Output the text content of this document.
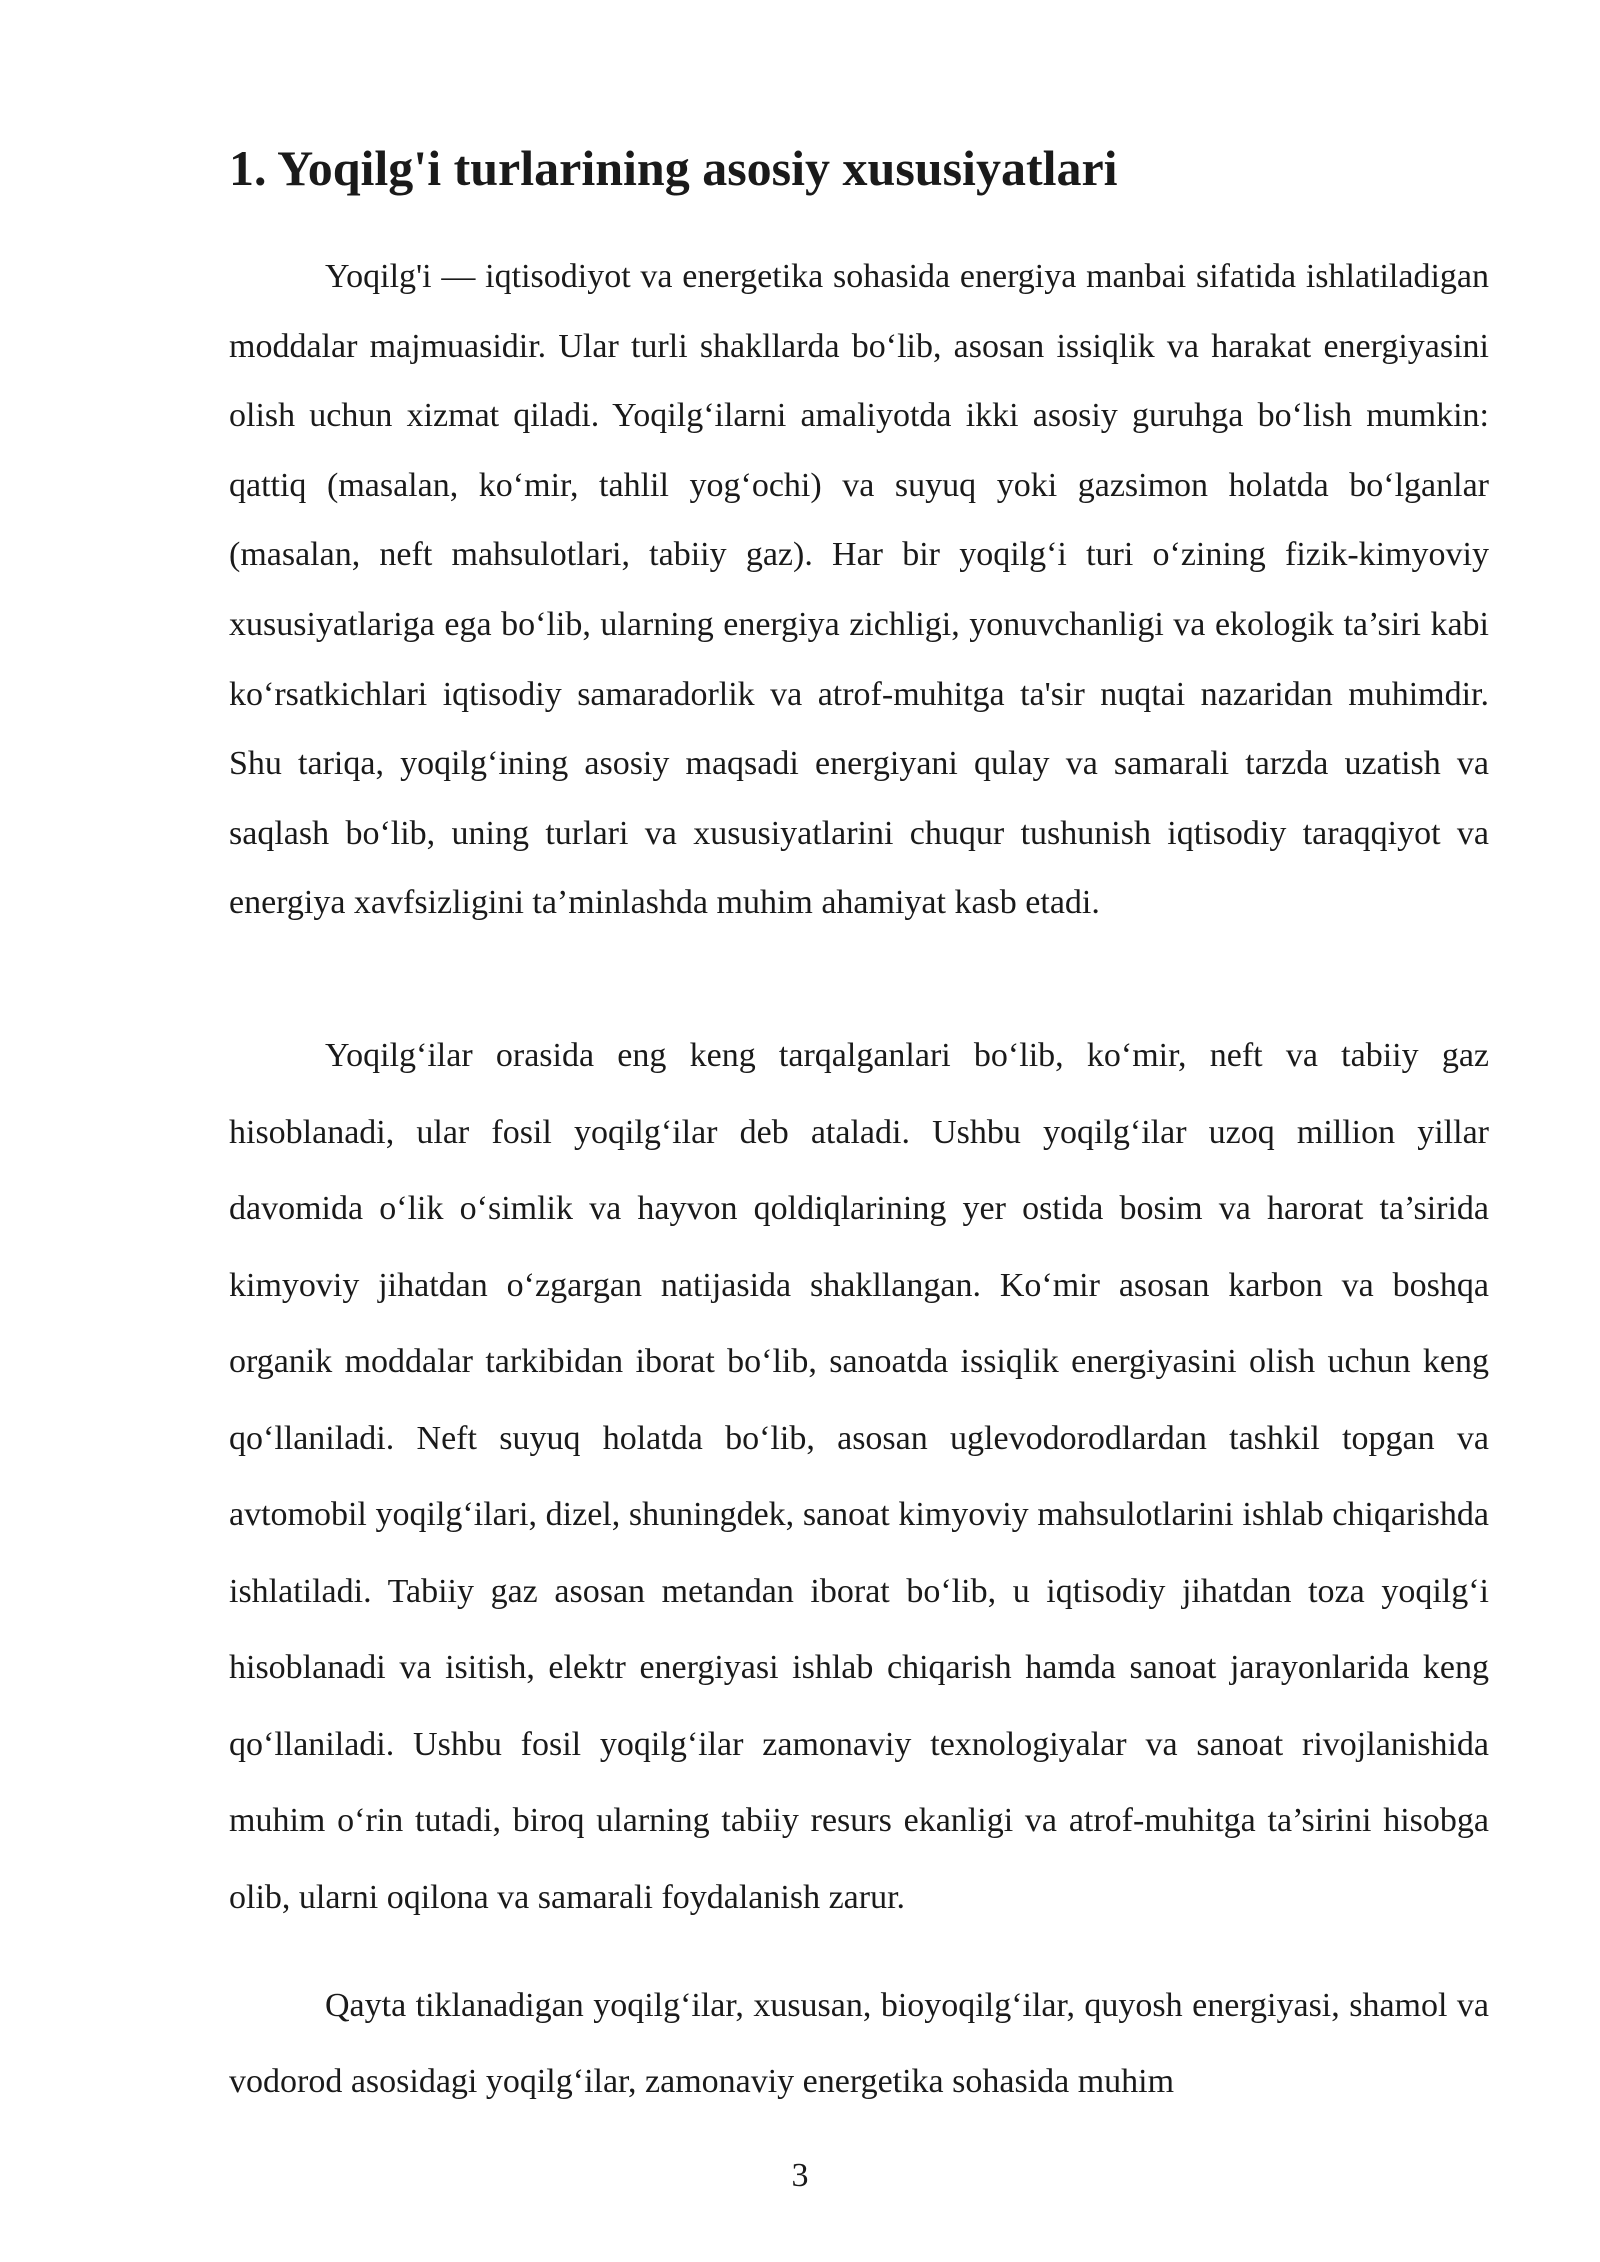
1. Yoqilg'i turlarining asosiy xususiyatlari

Yoqilg'i — iqtisodiyot va energetika sohasida energiya manbai sifatida ishlatiladigan moddalar majmuasidir. Ular turli shakllarda bo‘lib, asosan issiqlik va harakat energiyasini olish uchun xizmat qiladi. Yoqilg‘ilarni amaliyotda ikki asosiy guruhga bo‘lish mumkin: qattiq (masalan, ko‘mir, tahlil yog‘ochi) va suyuq yoki gazsimon holatda bo‘lganlar (masalan, neft mahsulotlari, tabiiy gaz). Har bir yoqilg‘i turi o‘zining fizik-kimyoviy xususiyatlariga ega bo‘lib, ularning energiya zichligi, yonuvchanligi va ekologik ta’siri kabi ko‘rsatkichlari iqtisodiy samaradorlik va atrof-muhitga ta'sir nuqtai nazaridan muhimdir. Shu tariqa, yoqilg‘ining asosiy maqsadi energiyani qulay va samarali tarzda uzatish va saqlash bo‘lib, uning turlari va xususiyatlarini chuqur tushunish iqtisodiy taraqqiyot va energiya xavfsizligini ta’minlashda muhim ahamiyat kasb etadi.

Yoqilg‘ilar orasida eng keng tarqalganlari bo‘lib, ko‘mir, neft va tabiiy gaz hisoblanadi, ular fosil yoqilg‘ilar deb ataladi. Ushbu yoqilg‘ilar uzoq million yillar davomida o‘lik o‘simlik va hayvon qoldiqlarining yer ostida bosim va harorat ta’sirida kimyoviy jihatdan o‘zgargan natijasida shakllangan. Ko‘mir asosan karbon va boshqa organik moddalar tarkibidan iborat bo‘lib, sanoatda issiqlik energiyasini olish uchun keng qo‘llaniladi. Neft suyuq holatda bo‘lib, asosan uglevodorodlardan tashkil topgan va avtomobil yoqilg‘ilari, dizel, shuningdek, sanoat kimyoviy mahsulotlarini ishlab chiqarishda ishlatiladi. Tabiiy gaz asosan metandan iborat bo‘lib, u iqtisodiy jihatdan toza yoqilg‘i hisoblanadi va isitish, elektr energiyasi ishlab chiqarish hamda sanoat jarayonlarida keng qo‘llaniladi. Ushbu fosil yoqilg‘ilar zamonaviy texnologiyalar va sanoat rivojlanishida muhim o‘rin tutadi, biroq ularning tabiiy resurs ekanligi va atrof-muhitga ta’sirini hisobga olib, ularni oqilona va samarali foydalanish zarur.

Qayta tiklanadigan yoqilg‘ilar, xususan, bioyoqilg‘ilar, quyosh energiyasi, shamol va vodorod asosidagi yoqilg‘ilar, zamonaviy energetika sohasida muhim

3
